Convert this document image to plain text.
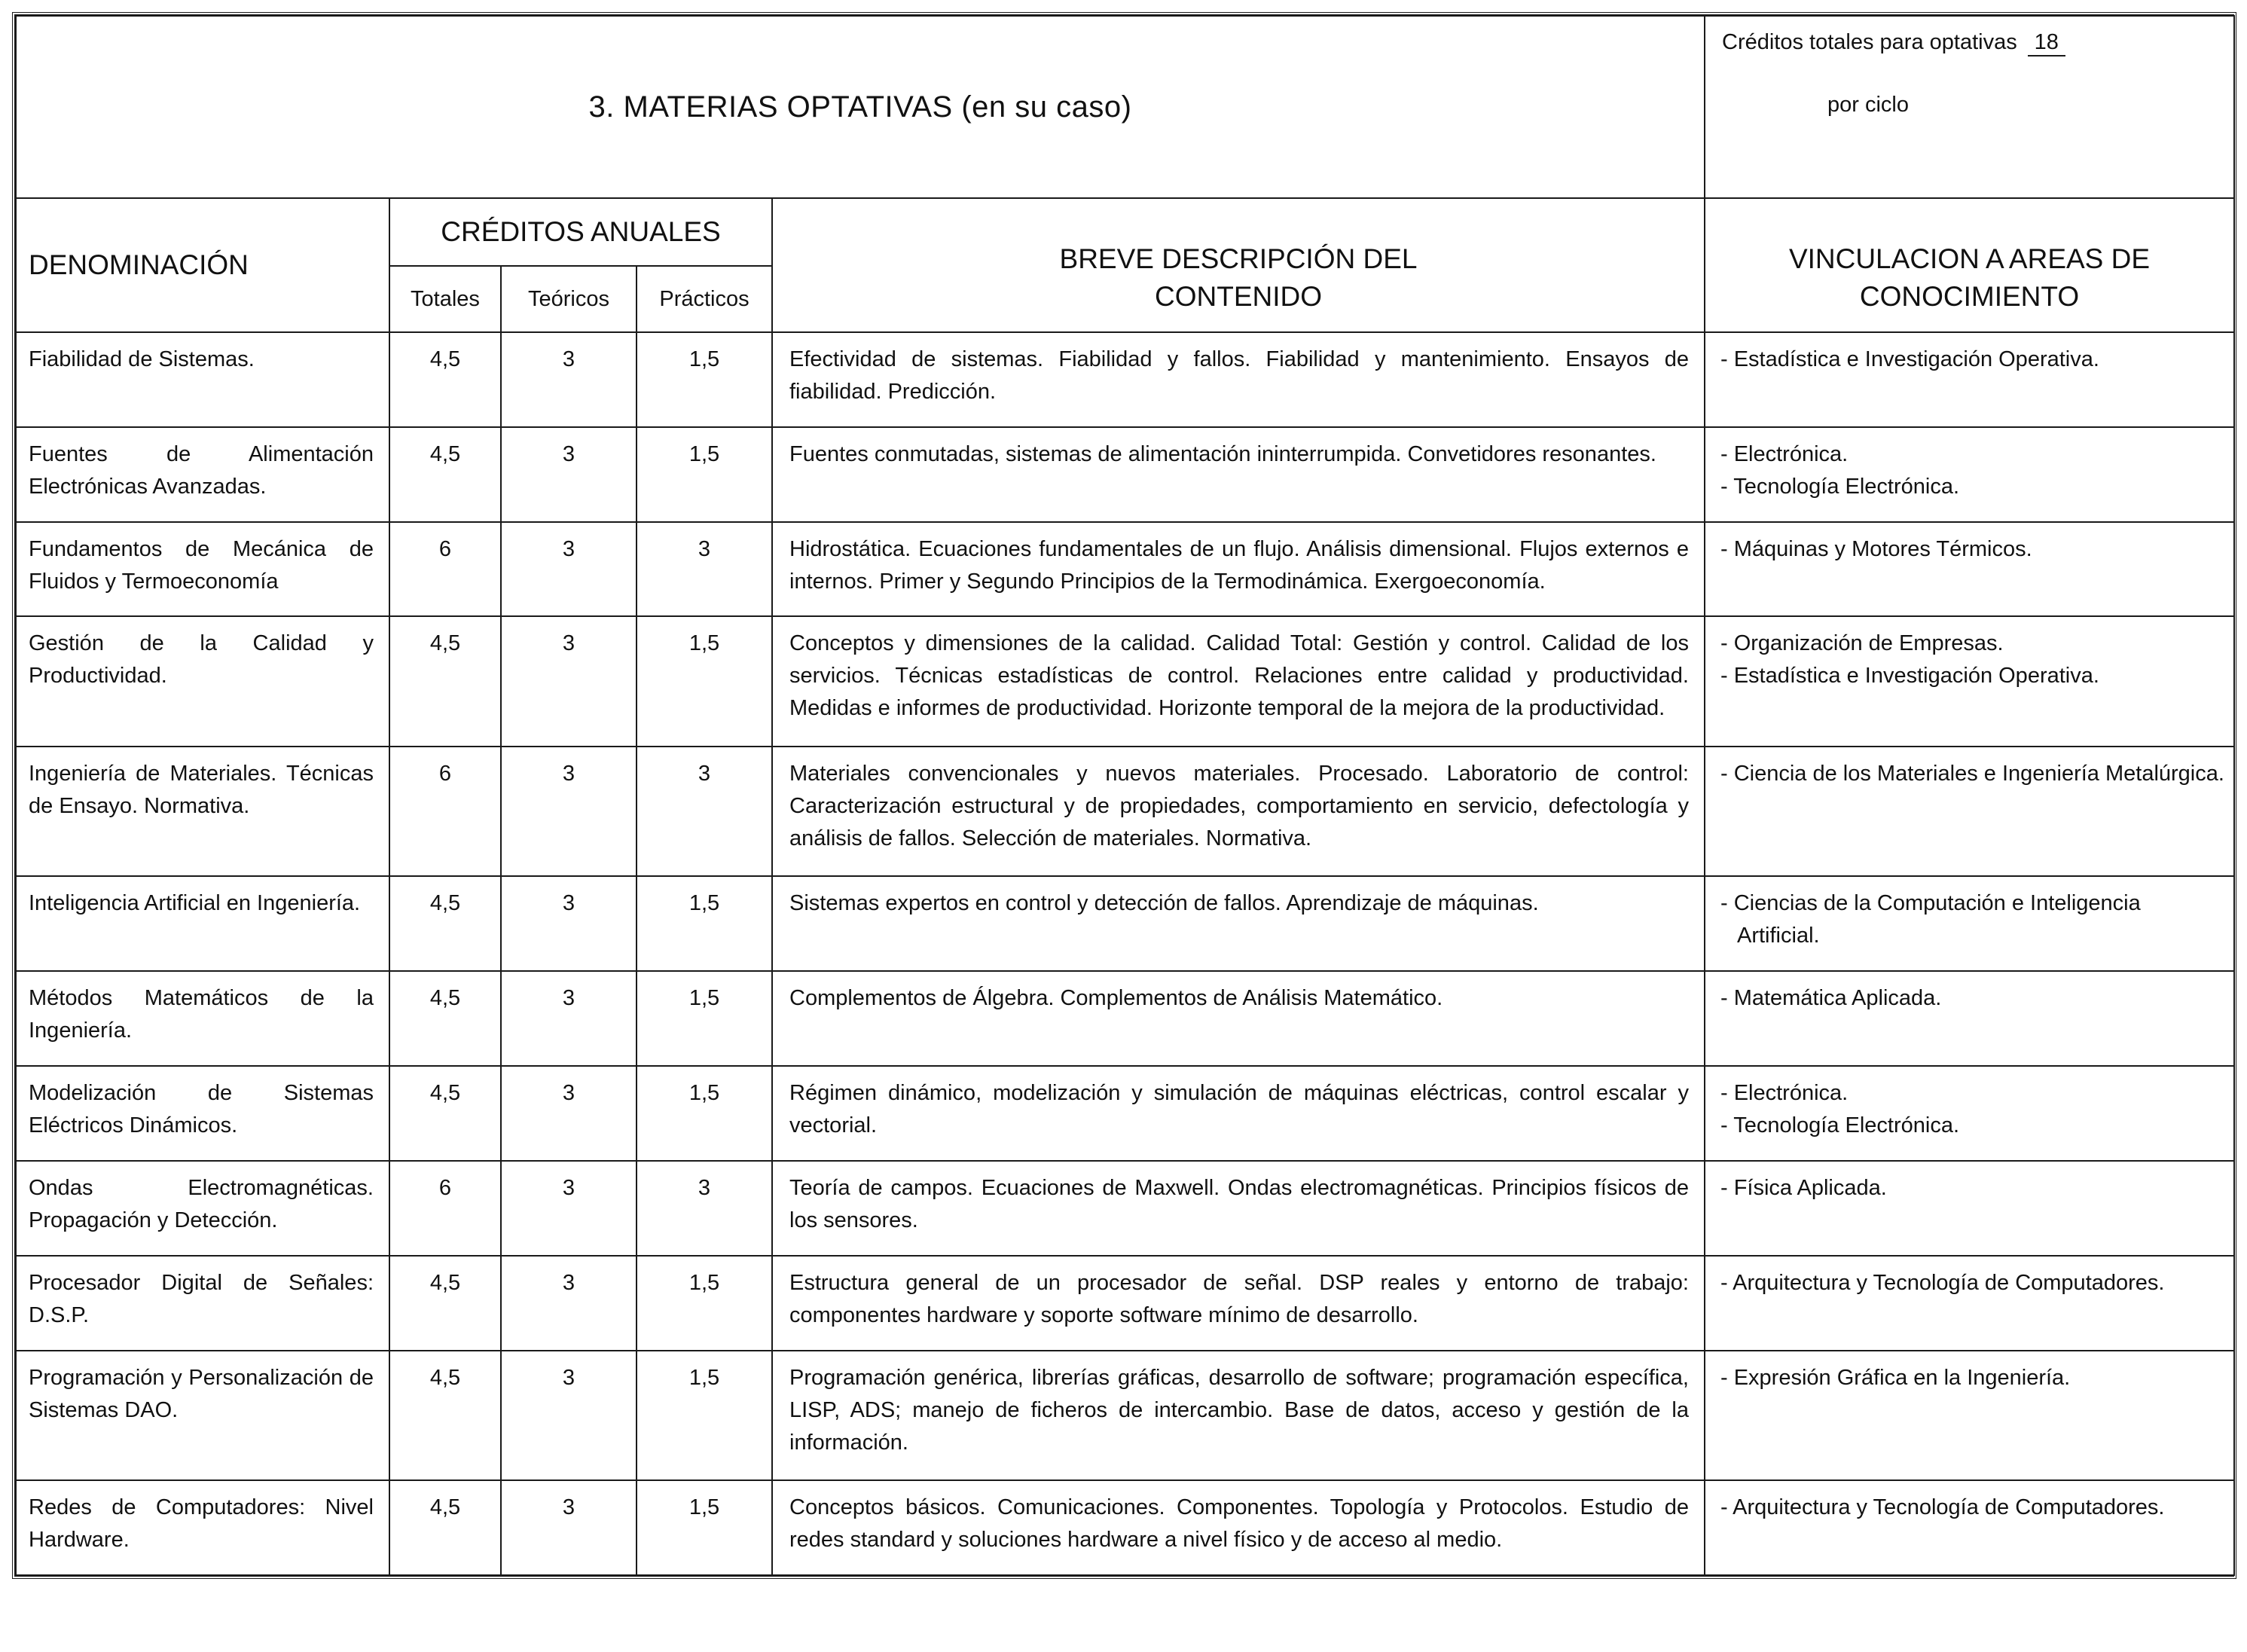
3. MATERIAS OPTATIVAS (en su caso)					Créditos totales para optativas 18
por ciclo

DENOMINACIÓN	CRÉDITOS ANUALES			BREVE DESCRIPCIÓN DEL CONTENIDO	VINCULACION A AREAS DE CONOCIMIENTO

	Totales	Teóricos	Prácticos		
Fiabilidad de Sistemas.	4,5	3	1,5	Efectividad de sistemas. Fiabilidad y fallos. Fiabilidad y mantenimiento. Ensayos de fiabilidad. Predicción.	- Estadística e Investigación Operativa.

Fuentes de Alimentación Electrónicas Avanzadas.	4,5	3	1,5	Fuentes conmutadas, sistemas de alimentación ininterrumpida. Convetidores resonantes.	- Electrónica.
- Tecnología Electrónica.

Fundamentos de Mecánica de Fluidos y Termoeconomía	6	3	3	Hidrostática. Ecuaciones fundamentales de un flujo. Análisis dimensional. Flujos externos e internos. Primer y Segundo Principios de la Termodinámica. Exergoeconomía.	- Máquinas y Motores Térmicos.

Gestión de la Calidad y Productividad.	4,5	3	1,5	Conceptos y dimensiones de la calidad. Calidad Total: Gestión y control. Calidad de los servicios. Técnicas estadísticas de control. Relaciones entre calidad y productividad. Medidas e informes de productividad. Horizonte temporal de la mejora de la productividad.	- Organización de Empresas.
- Estadística e Investigación Operativa.

Ingeniería de Materiales. Técnicas de Ensayo. Normativa.	6	3	3	Materiales convencionales y nuevos materiales. Procesado. Laboratorio de control: Caracterización estructural y de propiedades, comportamiento en servicio, defectología y análisis de fallos. Selección de materiales. Normativa.	- Ciencia de los Materiales e Ingeniería Metalúrgica.

Inteligencia Artificial en Ingeniería.	4,5	3	1,5	Sistemas expertos en control y detección de fallos. Aprendizaje de máquinas.	- Ciencias de la Computación e Inteligencia Artificial.

Métodos Matemáticos de la Ingeniería.	4,5	3	1,5	Complementos de Álgebra. Complementos de Análisis Matemático.	- Matemática Aplicada.

Modelización de Sistemas Eléctricos Dinámicos.	4,5	3	1,5	Régimen dinámico, modelización y simulación de máquinas eléctricas, control escalar y vectorial.	- Electrónica.
- Tecnología Electrónica.

Ondas Electromagnéticas. Propagación y Detección.	6	3	3	Teoría de campos. Ecuaciones de Maxwell. Ondas electromagnéticas. Principios físicos de los sensores.	- Física Aplicada.

Procesador Digital de Señales: D.S.P.	4,5	3	1,5	Estructura general de un procesador de señal. DSP reales y entorno de trabajo: componentes hardware y soporte software mínimo de desarrollo.	- Arquitectura y Tecnología de Computadores.

Programación y Personalización de Sistemas DAO.	4,5	3	1,5	Programación genérica, librerías gráficas, desarrollo de software; programación específica, LISP, ADS; manejo de ficheros de intercambio. Base de datos, acceso y gestión de la información.	- Expresión Gráfica en la Ingeniería.

Redes de Computadores: Nivel Hardware.	4,5	3	1,5	Conceptos básicos. Comunicaciones. Componentes. Topología y Protocolos. Estudio de redes standard y soluciones hardware a nivel físico y de acceso al medio.	- Arquitectura y Tecnología de Computadores.
